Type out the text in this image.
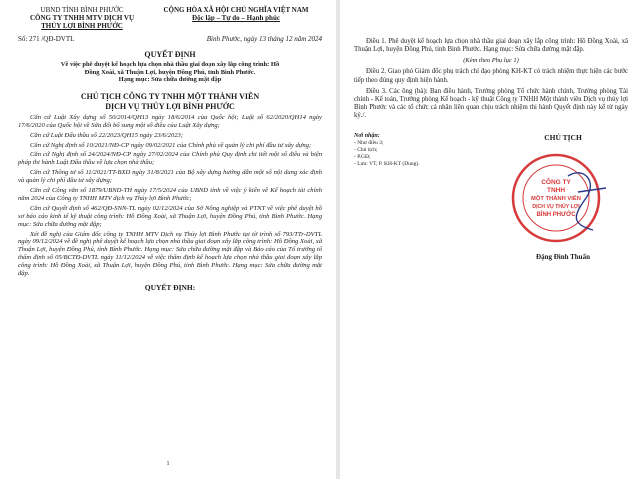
UBND TỈNH BÌNH PHƯỚC
CÔNG TY TNHH MTV DỊCH VỤ
THỦY LỢI BÌNH PHƯỚC
CỘNG HÒA XÃ HỘI CHỦ NGHĨA VIỆT NAM
Độc lập – Tự do – Hạnh phúc
Số: 271 /QĐ-DVTL	Bình Phước, ngày 13 tháng 12 năm 2024
QUYẾT ĐỊNH
Về việc phê duyệt kế hoạch lựa chọn nhà thầu giai đoạn xây lắp công trình: Hồ
Đồng Xoài, xã Thuận Lợi, huyện Đồng Phú, tỉnh Bình Phước.
Hạng mục: Sửa chữa đường mặt đập
CHỦ TỊCH CÔNG TY TNHH MỘT THÀNH VIÊN
DỊCH VỤ THỦY LỢI BÌNH PHƯỚC

Căn cứ Luật Xây dựng số 50/2014/QH13 ngày 18/6/2014 của Quốc hội; Luật số 62/2020/QH14 ngày 17/6/2020 của Quốc hội về Sửa đổi bổ sung một số điều của Luật Xây dựng;

Căn cứ Luật Đấu thầu số 22/2023/QH15 ngày 23/6/2023;

Căn cứ Nghị định số 10/2021/NĐ-CP ngày 09/02/2021 của Chính phủ về quản lý chi phí đầu tư xây dựng;

Căn cứ Nghị định số 24/2024/NĐ-CP ngày 27/02/2024 của Chính phủ Quy định chi tiết một số điều và biện pháp thi hành Luật Đấu thầu về lựa chọn nhà thầu;

Căn cứ Thông tư số 11/2021/TT-BXD ngày 31/8/2021 của Bộ xây dựng hướng dẫn một số nội dung xác định và quản lý chi phí đầu tư xây dựng;

Căn cứ Công văn số 1879/UBND-TH ngày 17/5/2024 của UBND tỉnh về việc ý kiến về Kế hoạch tài chính năm 2024 của Công ty TNHH MTV dịch vụ Thủy lợi Bình Phước;

Căn cứ Quyết định số 462/QĐ-SNN-TL ngày 02/12/2024 của Sở Nông nghiệp và PTNT về việc phê duyệt hồ sơ báo cáo kinh tế kỹ thuật công trình: Hồ Đồng Xoài, xã Thuận Lợi, huyện Đồng Phú, tỉnh Bình Phước. Hạng mục: Sửa chữa đường mặt đập;

Xét đề nghị của Giám đốc công ty TNHH MTV Dịch vụ Thủy lợi Bình Phước tại tờ trình số 793/TTr-DVTL ngày 09/12/2024 về đề nghị phê duyệt kế hoạch lựa chọn nhà thầu giai đoạn xây lắp công trình: Hồ Đồng Xoài, xã Thuận Lợi, huyện Đồng Phú, tỉnh Bình Phước. Hạng mục: Sửa chữa đường mặt đập và Báo cáo của Tổ trưởng tổ thẩm định số 05/BCTĐ-DVTL ngày 11/12/2024 về việc thẩm định kế hoạch lựa chọn nhà thầu giai đoạn xây lắp công trình: Hồ Đồng Xoài, xã Thuận Lợi, huyện Đồng Phú, tỉnh Bình Phước. Hạng mục: Sửa chữa đường mặt đập.

QUYẾT ĐỊNH:
1

Điều 1. Phê duyệt kế hoạch lựa chọn nhà thầu giai đoạn xây lắp công trình: Hồ Đồng Xoài, xã Thuận Lợi, huyện Đồng Phú, tỉnh Bình Phước. Hạng mục: Sửa chữa đường mặt đập.

(Kèm theo Phụ lục 1)

Điều 2. Giao phó Giám đốc phụ trách chỉ đạo phòng KH-KT có trách nhiệm thực hiện các bước tiếp theo đúng quy định hiện hành.

Điều 3. Các ông (bà): Ban điều hành, Trưởng phòng Tổ chức hành chính, Trưởng phòng Tài chính - Kế toán, Trưởng phòng Kế hoạch - kỹ thuật Công ty TNHH Một thành viên Dịch vụ thủy lợi Bình Phước và các tổ chức cá nhân liên quan chịu trách nhiệm thi hành Quyết định này kể từ ngày ký./.

Nơi nhận:
- Như điều 3;
- Chủ tịch;
- P.GĐ;
- Lưu: VT, P. KH-KT (Dung).
CHỦ TỊCH
CÔNG TY
TNHH
MỘT THÀNH VIÊN
DỊCH VỤ THỦY LỢI
BÌNH PHƯỚC
Đặng Đình Thuấn
